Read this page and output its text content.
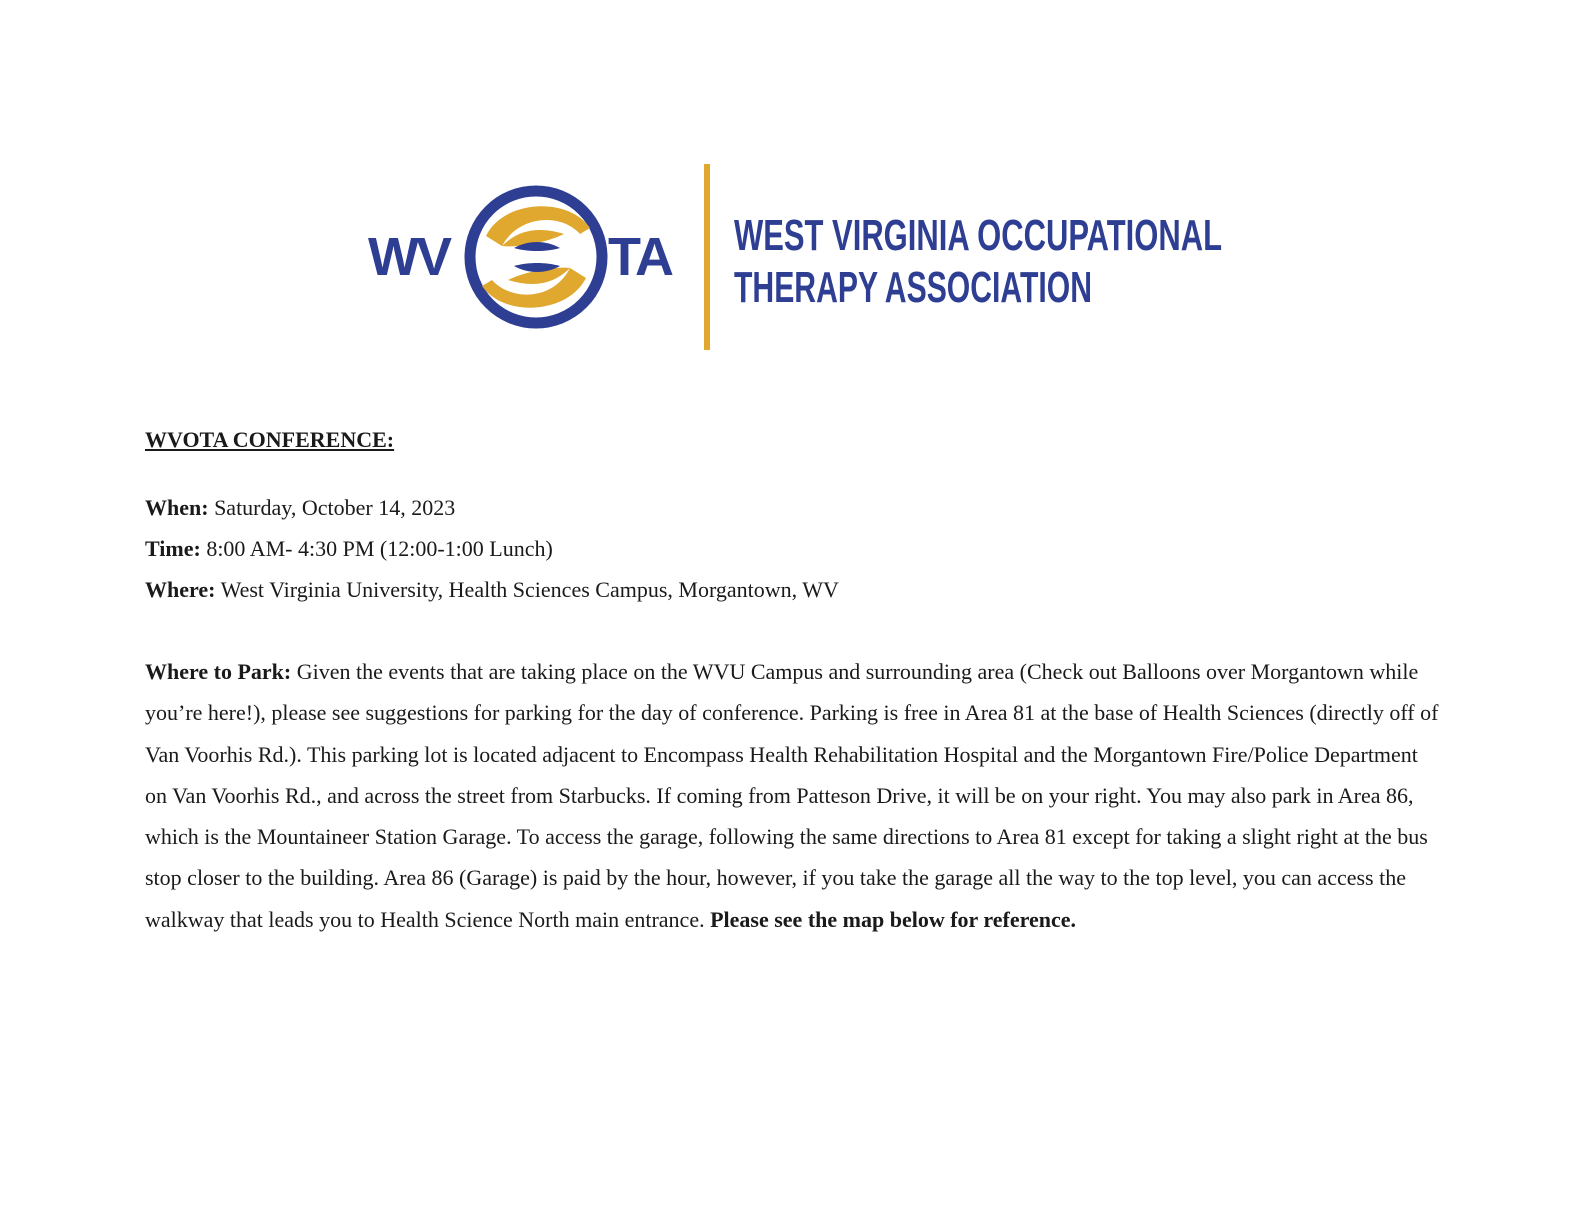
WV	TA WEST VIRGINIA OCCUPATIONAL
THERAPY ASSOCIATION

WVOTA CONFERENCE:

When: Saturday, October 14, 2023

Time: 8:00 AM- 4:30 PM (12:00-1:00 Lunch)

Where: West Virginia University, Health Sciences Campus, Morgantown, WV

Where to Park: Given the events that are taking place on the WVU Campus and surrounding area (Check out Balloons over Morgantown while you’re here!), please see suggestions for parking for the day of conference. Parking is free in Area 81 at the base of Health Sciences (directly off of Van Voorhis Rd.). This parking lot is located adjacent to Encompass Health Rehabilitation Hospital and the Morgantown Fire/Police Department on Van Voorhis Rd., and across the street from Starbucks. If coming from Patteson Drive, it will be on your right. You may also park in Area 86, which is the Mountaineer Station Garage. To access the garage, following the same directions to Area 81 except for taking a slight right at the bus stop closer to the building. Area 86 (Garage) is paid by the hour, however, if you take the garage all the way to the top level, you can access the walkway that leads you to Health Science North main entrance. Please see the map below for reference.
